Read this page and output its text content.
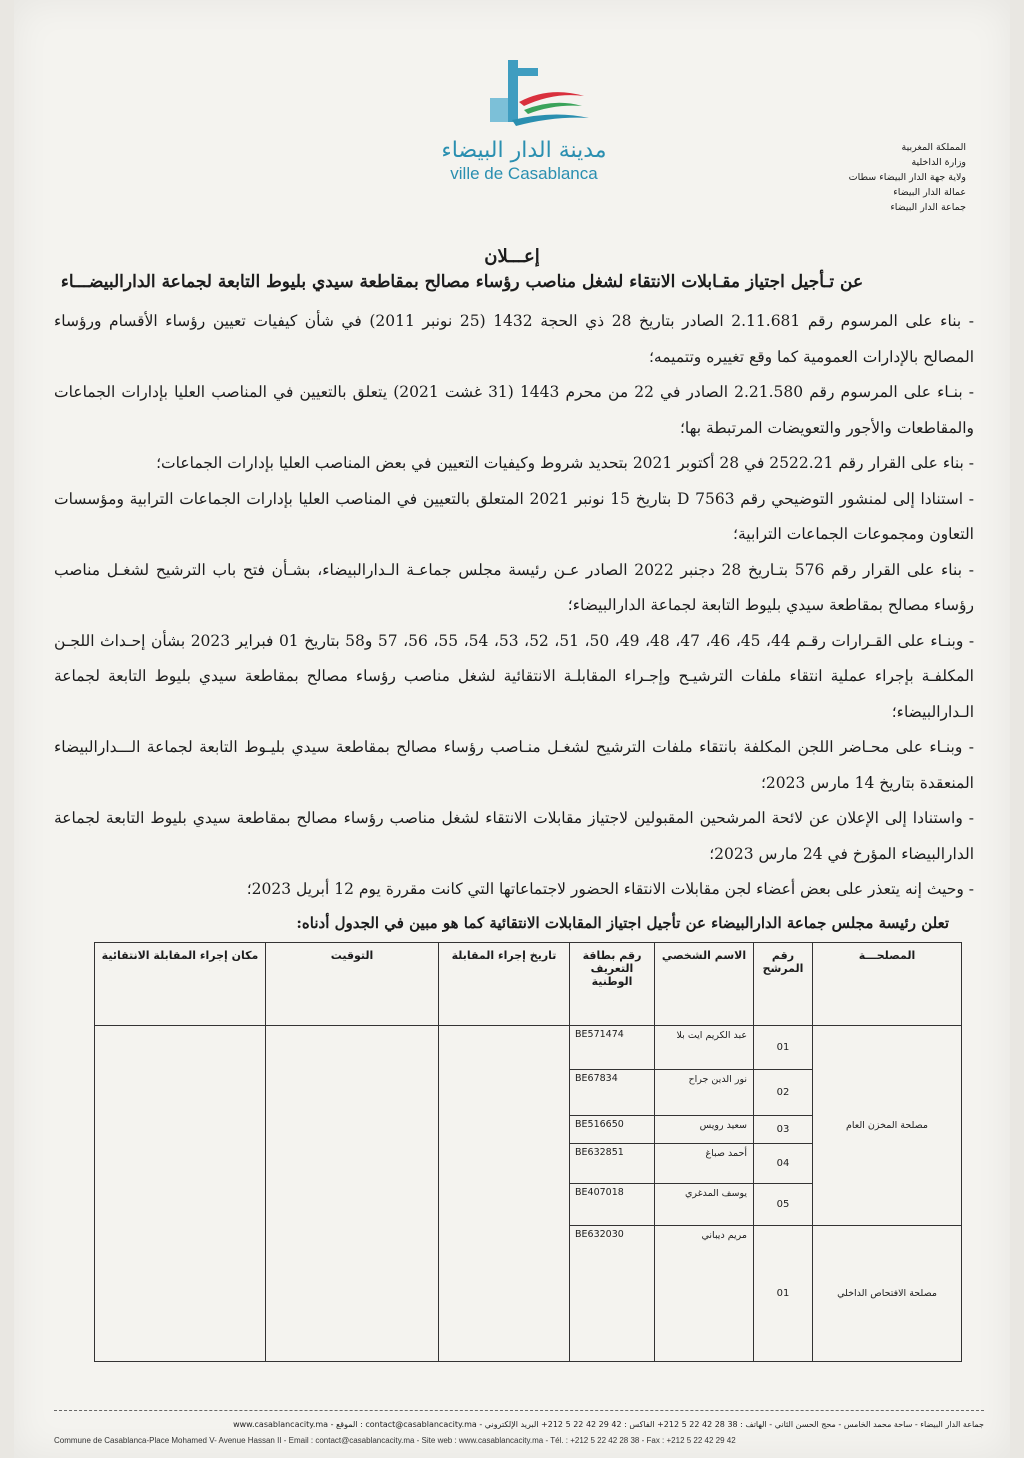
مدينة الدار البيضاء
ville de Casablanca
المملكة المغربية
وزارة الداخلية
ولاية جهة الدار البيضاء سطات
عمالة الدار البيضاء
جماعة الدار البيضاء
إعـــلان
عن تـأجيل اجتياز مقـابلات الانتقاء لشغل مناصب رؤساء مصالح بمقاطعة سيدي بليوط التابعة لجماعة الدارالبيضـــاء

- بناء على المرسوم رقم 2.11.681 الصادر بتاريخ 28 ذي الحجة 1432 (25 نونبر 2011) في شأن كيفيات تعيين رؤساء الأقسام ورؤساء المصالح بالإدارات العمومية كما وقع تغييره وتتميمه؛

- بنـاء على المرسوم رقم 2.21.580 الصادر في 22 من محرم 1443 (31 غشت 2021) يتعلق بالتعيين في المناصب العليا بإدارات الجماعات والمقاطعات والأجور والتعويضات المرتبطة بها؛

- بناء على القرار رقم 2522.21 في 28 أكتوبر 2021 بتحديد شروط وكيفيات التعيين في بعض المناصب العليا بإدارات الجماعات؛

- استنادا إلى لمنشور التوضيحي رقم 7563 D بتاريخ 15 نونبر 2021 المتعلق بالتعيين في المناصب العليا بإدارات الجماعات الترابية ومؤسسات التعاون ومجموعات الجماعات الترابية؛

- بناء على القرار رقم 576 بتـاريخ 28 دجنبر 2022 الصادر عـن رئيسة مجلس جماعـة الـدارالبيضاء، بشـأن فتح باب الترشيح لشغـل مناصب رؤساء مصالح بمقاطعة سيدي بليوط التابعة لجماعة الدارالبيضاء؛

- وبنـاء على القـرارات رقـم 44، 45، 46، 47، 48، 49، 50، 51، 52، 53، 54، 55، 56، 57 و58 بتاريخ 01 فبراير 2023 بشأن إحـداث اللجـن المكلفـة بإجراء عملية انتقاء ملفات الترشيـح وإجـراء المقابلـة الانتقائية لشغل مناصب رؤساء مصالح بمقاطعة سيدي بليوط التابعة لجماعة الـدارالبيضاء؛

- وبنـاء على محـاضر اللجن المكلفة بانتقاء ملفات الترشيح لشغـل منـاصب رؤساء مصالح بمقاطعة سيدي بليـوط التابعة لجماعة الـــدارالبيضاء المنعقدة بتاريخ 14 مارس 2023؛

- واستنادا إلى الإعلان عن لائحة المرشحين المقبولين لاجتياز مقابلات الانتقاء لشغل مناصب رؤساء مصالح بمقاطعة سيدي بليوط التابعة لجماعة الدارالبيضاء المؤرخ في 24 مارس 2023؛

- وحيث إنه يتعذر على بعض أعضاء لجن مقابلات الانتقاء الحضور لاجتماعاتها التي كانت مقررة يوم 12 أبريل 2023؛

تعلن رئيسة مجلس جماعة الدارالبيضاء عن تأجيل اجتياز المقابلات الانتقائية كما هو مبين في الجدول أدناه:
المصلحـــة	رقم المرشح	الاسم الشخصي	رقم بطاقة التعريف الوطنية	تاريخ إجراء المقابلة	التوقيت	مكان إجراء المقابلة الانتقائية
مصلحة المخزن العام	01	عبد الكريم ايت بلا	BE571474			
	02	نور الدين جراح	BE67834			
	03	سعيد رويس	BE516650			
	04	أحمد صباغ	BE632851			
	05	يوسف المدغري	BE407018			
مصلحة الافتحاص الداخلي	01	مريم ديباني	BE632030			
جماعة الدار البيضاء - ساحة محمد الخامس - محج الحسن الثاني - الهاتف : 38 28 42 22 5 212+ الفاكس : 42 29 42 22 5 212+ البريد الإلكتروني - contact@casablancacity.ma : الموقع - www.casablancacity.ma
Commune de Casablanca-Place Mohamed V- Avenue Hassan II - Email : contact@casablancacity.ma - Site web : www.casablancacity.ma - Tél. : +212 5 22 42 28 38 - Fax : +212 5 22 42 29 42
